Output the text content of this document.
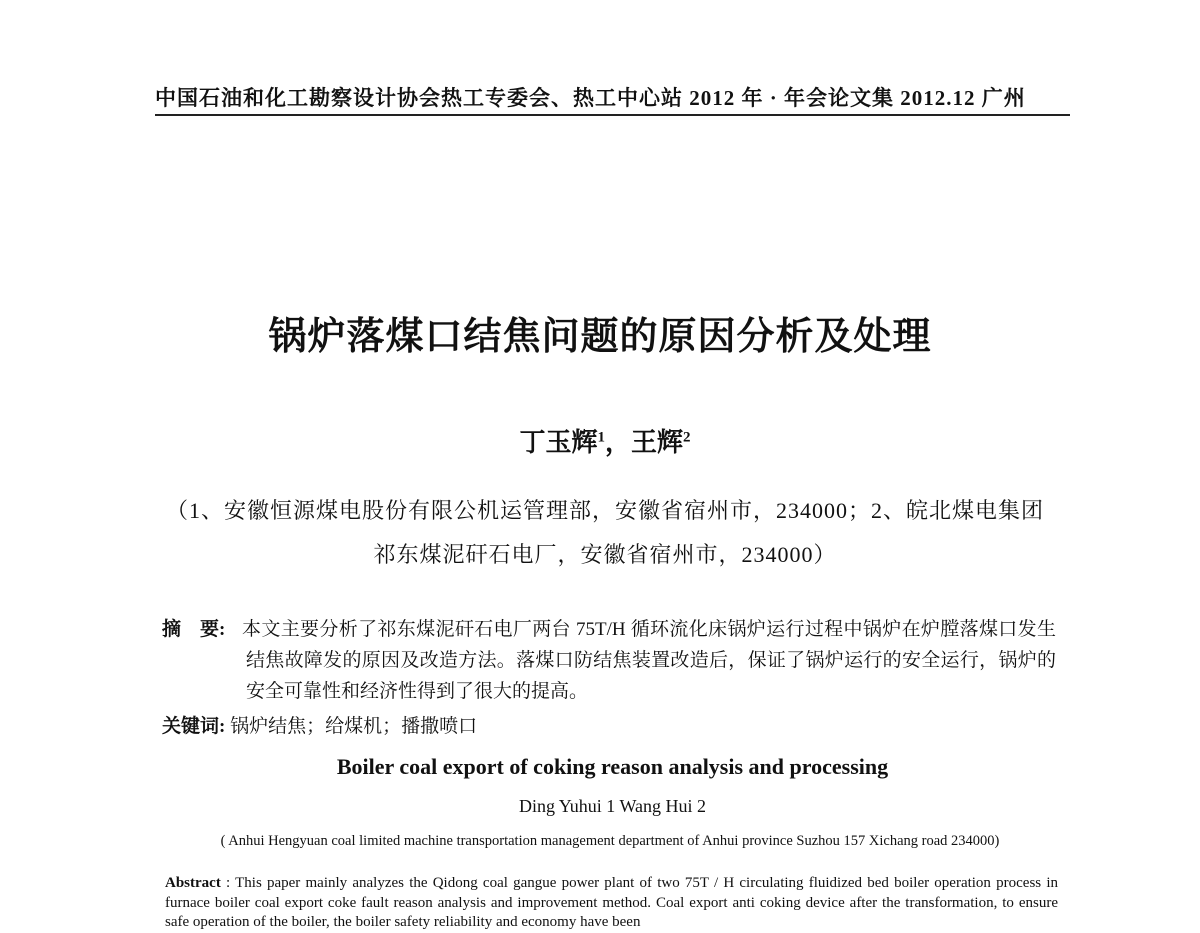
中国石油和化工勘察设计协会热工专委会、热工中心站 2012 年 · 年会论文集 2012.12 广州
锅炉落煤口结焦问题的原因分析及处理
丁玉辉$^1$，王辉$^2$
（1、安徽恒源煤电股份有限公机运管理部，安徽省宿州市，234000；2、皖北煤电集团
祁东煤泥矸石电厂，安徽省宿州市，234000）
摘　要: 本文主要分析了祁东煤泥矸石电厂两台 75T/H 循环流化床锅炉运行过程中锅炉在炉膛落煤口发生结焦故障发的原因及改造方法。落煤口防结焦装置改造后，保证了锅炉运行的安全运行，锅炉的安全可靠性和经济性得到了很大的提高。
关键词: 锅炉结焦；给煤机；播撒喷口
Boiler coal export of coking reason analysis and processing
Ding Yuhui 1 Wang Hui 2
( Anhui Hengyuan coal limited machine transportation management department of Anhui province Suzhou 157 Xichang road 234000)
Abstract : This paper mainly analyzes the Qidong coal gangue power plant of two 75T / H circulating fluidized bed boiler operation process in furnace boiler coal export coke fault reason analysis and improvement method. Coal export anti coking device after the transformation, to ensure safe operation of the boiler, the boiler safety reliability and economy have been
